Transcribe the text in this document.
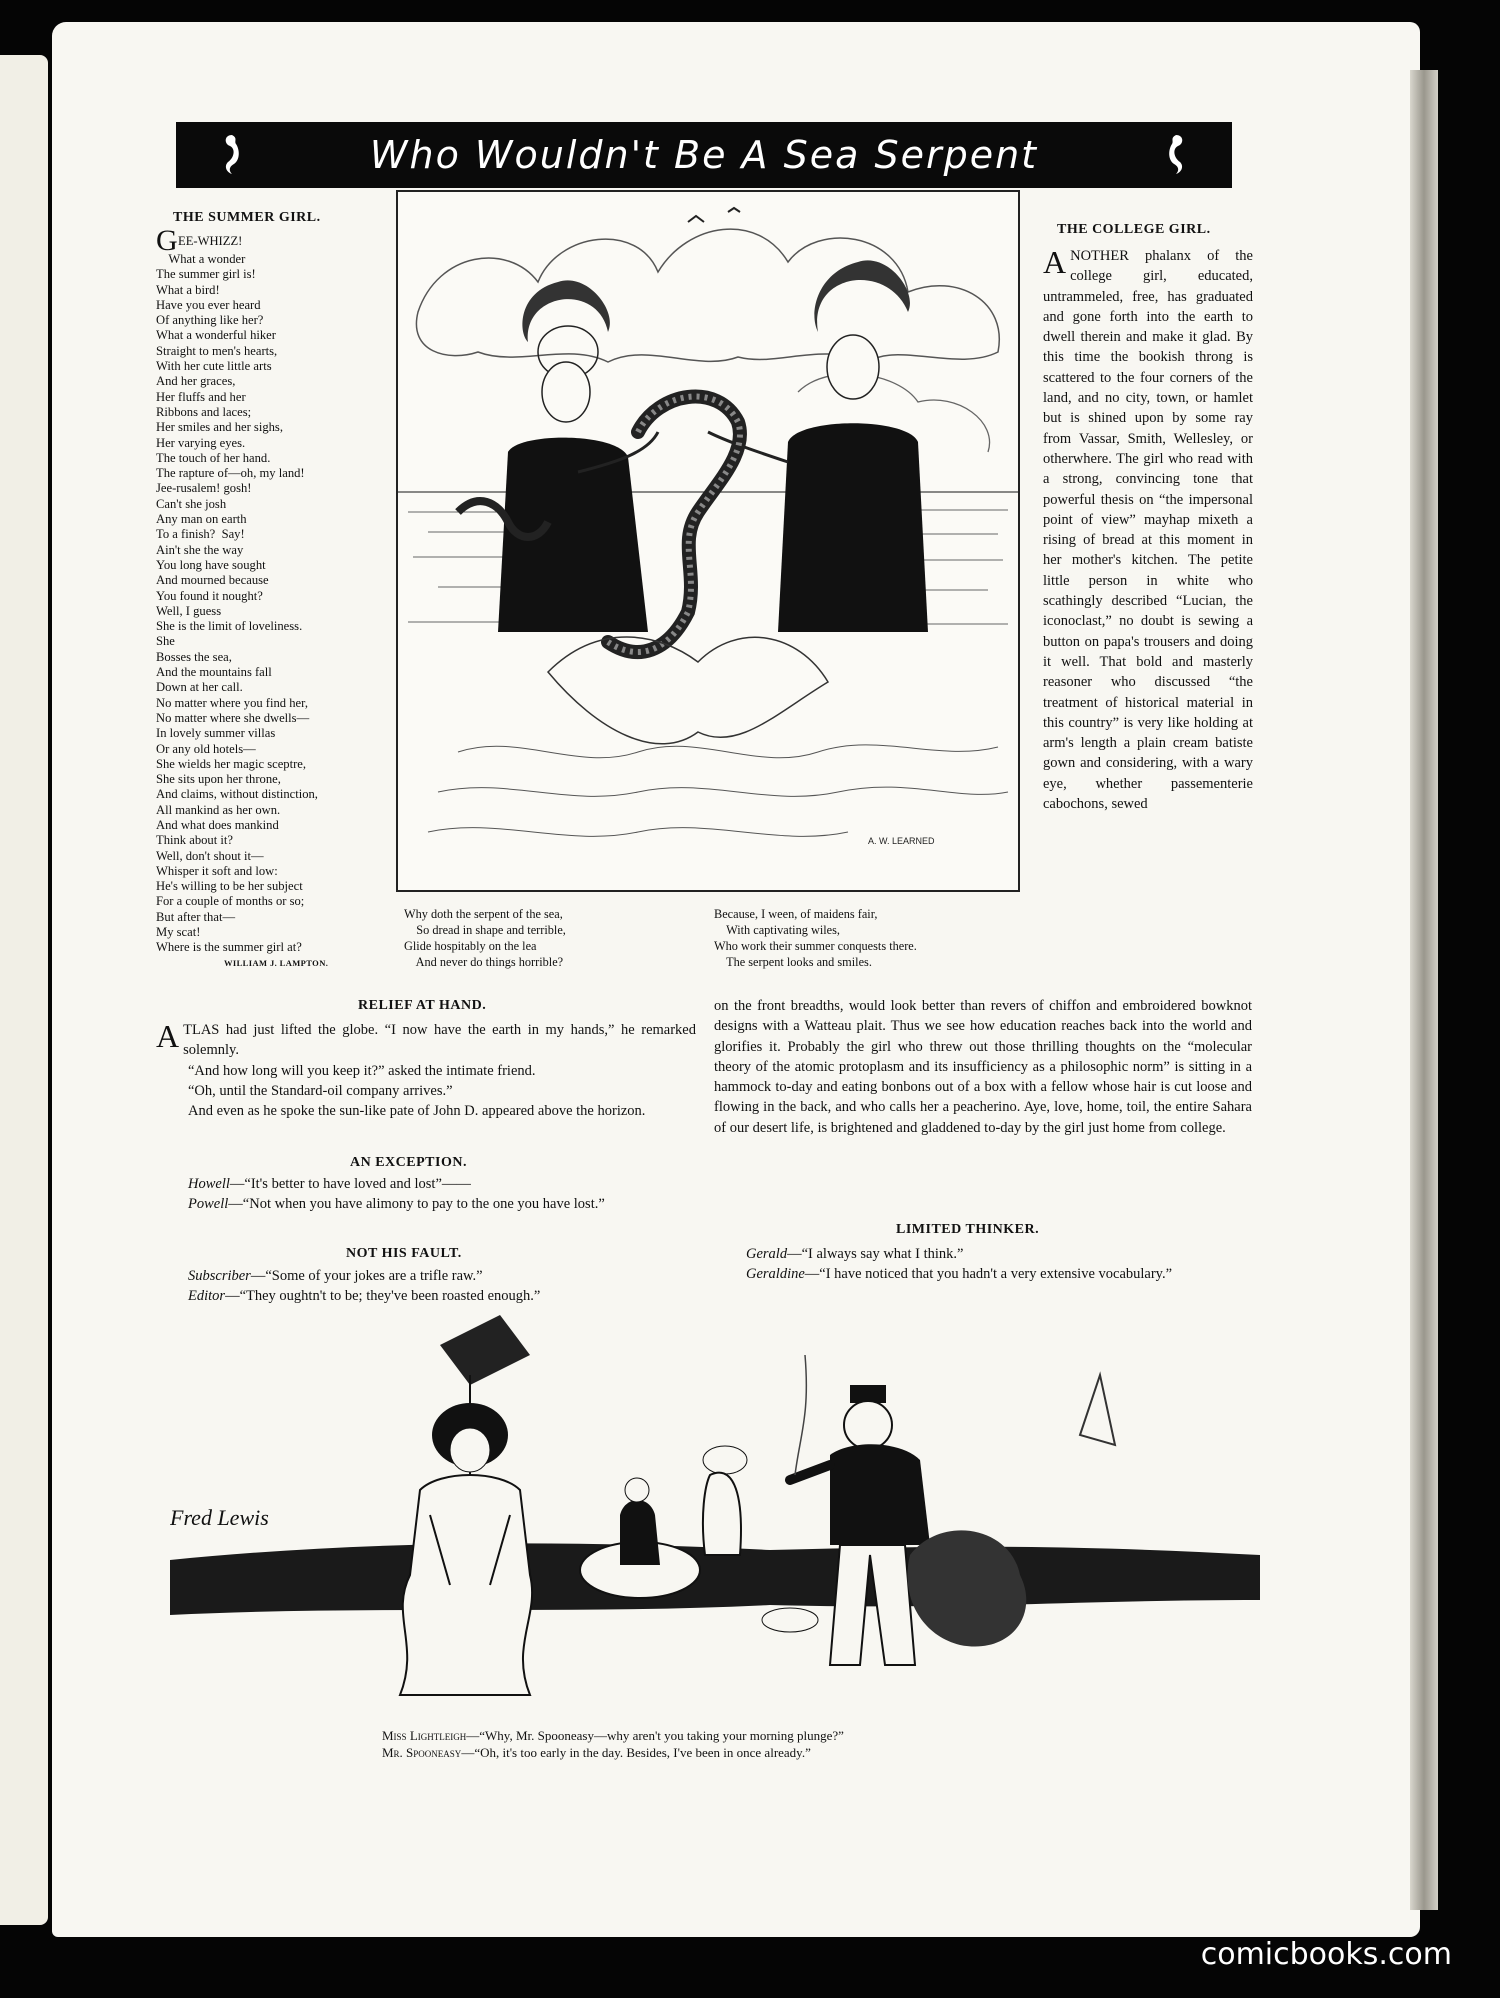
Who Wouldn't Be A Sea Serpent
THE SUMMER GIRL.
G EE-WHIZZ!
What a wonder
The summer girl is!
What a bird!
Have you ever heard
Of anything like her?
What a wonderful hiker
Straight to men's hearts,
With her cute little arts
And her graces,
Her fluffs and her
Ribbons and laces;
Her smiles and her sighs,
Her varying eyes.
The touch of her hand.
The rapture of—oh, my land!
Jee-rusalem! gosh!
Can't she josh
Any man on earth
To a finish?  Say!
Ain't she the way
You long have sought
And mourned because
You found it nought?
Well, I guess
She is the limit of loveliness.
She
Bosses the sea,
And the mountains fall
Down at her call.
No matter where you find her,
No matter where she dwells—
In lovely summer villas
Or any old hotels—
She wields her magic sceptre,
She sits upon her throne,
And claims, without distinction,
All mankind as her own.
And what does mankind
Think about it?
Well, don't shout it—
Whisper it soft and low:
He's willing to be her subject
For a couple of months or so;
But after that—
My scat!
Where is the summer girl at?
WILLIAM J. LAMPTON.
A. W. LEARNED
Why doth the serpent of the sea,
So dread in shape and terrible,
Glide hospitably on the lea
And never do things horrible?
Because, I ween, of maidens fair,
With captivating wiles,
Who work their summer conquests there.
The serpent looks and smiles.
THE COLLEGE GIRL.
ANOTHER phalanx of the college girl, educated, untrammeled, free, has graduated and gone forth into the earth to dwell therein and make it glad. By this time the bookish throng is scattered to the four corners of the land, and no city, town, or hamlet but is shined upon by some ray from Vassar, Smith, Wellesley, or otherwhere. The girl who read with a strong, convincing tone that powerful thesis on “the impersonal point of view” mayhap mixeth a rising of bread at this moment in her mother's kitchen. The petite little person in white who scathingly described “Lucian, the iconoclast,” no doubt is sewing a button on papa's trousers and doing it well. That bold and masterly reasoner who discussed “the treatment of historical material in this country” is very like holding at arm's length a plain cream batiste gown and considering, with a wary eye, whether passementerie cabochons, sewed
on the front breadths, would look better than revers of chiffon and embroidered bowknot designs with a Watteau plait. Thus we see how education reaches back into the world and glorifies it. Probably the girl who threw out those thrilling thoughts on the “molecular theory of the atomic protoplasm and its insufficiency as a philosophic norm” is sitting in a hammock to-day and eating bonbons out of a box with a fellow whose hair is cut loose and flowing in the back, and who calls her a peacherino. Aye, love, home, toil, the entire Sahara of our desert life, is brightened and gladdened to-day by the girl just home from college.
RELIEF AT HAND.
ATLAS had just lifted the globe. “I now have the earth in my hands,” he remarked solemnly.
“And how long will you keep it?” asked the intimate friend.
“Oh, until the Standard-oil company arrives.”
And even as he spoke the sun-like pate of John D. appeared above the horizon.
AN EXCEPTION.
Howell—“It's better to have loved and lost”——
Powell—“Not when you have alimony to pay to the one you have lost.”
NOT HIS FAULT.
Subscriber—“Some of your jokes are a trifle raw.”
Editor—“They oughtn't to be; they've been roasted enough.”
LIMITED THINKER.
Gerald—“I always say what I think.”
Geraldine—“I have noticed that you hadn't a very extensive vocabulary.”
Fred Lewis
Miss Lightleigh—“Why, Mr. Spooneasy—why aren't you taking your morning plunge?”
Mr. Spooneasy—“Oh, it's too early in the day. Besides, I've been in once already.”
comicbooks.com
